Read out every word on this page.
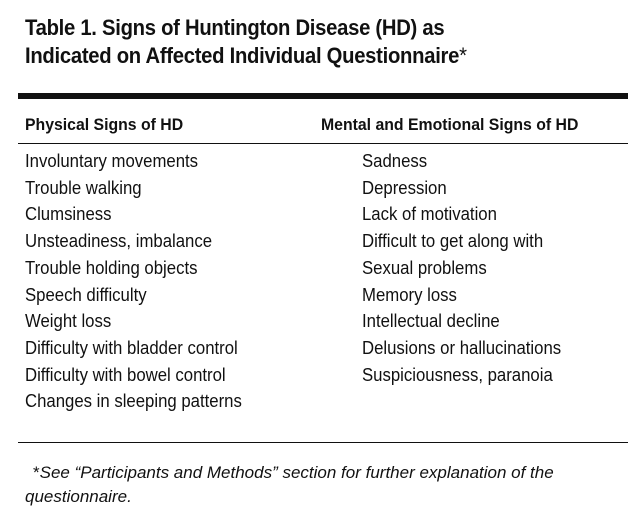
Table 1. Signs of Huntington Disease (HD) as
Indicated on Affected Individual Questionnaire*
Physical Signs of HD	Mental and Emotional Signs of HD
Involuntary movements
Trouble walking
Clumsiness
Unsteadiness, imbalance
Trouble holding objects
Speech difficulty
Weight loss
Difficulty with bladder control
Difficulty with bowel control
Changes in sleeping patterns
Sadness
Depression
Lack of motivation
Difficult to get along with
Sexual problems
Memory loss
Intellectual decline
Delusions or hallucinations
Suspiciousness, paranoia
*See “Participants and Methods” section for further explanation of the questionnaire.
